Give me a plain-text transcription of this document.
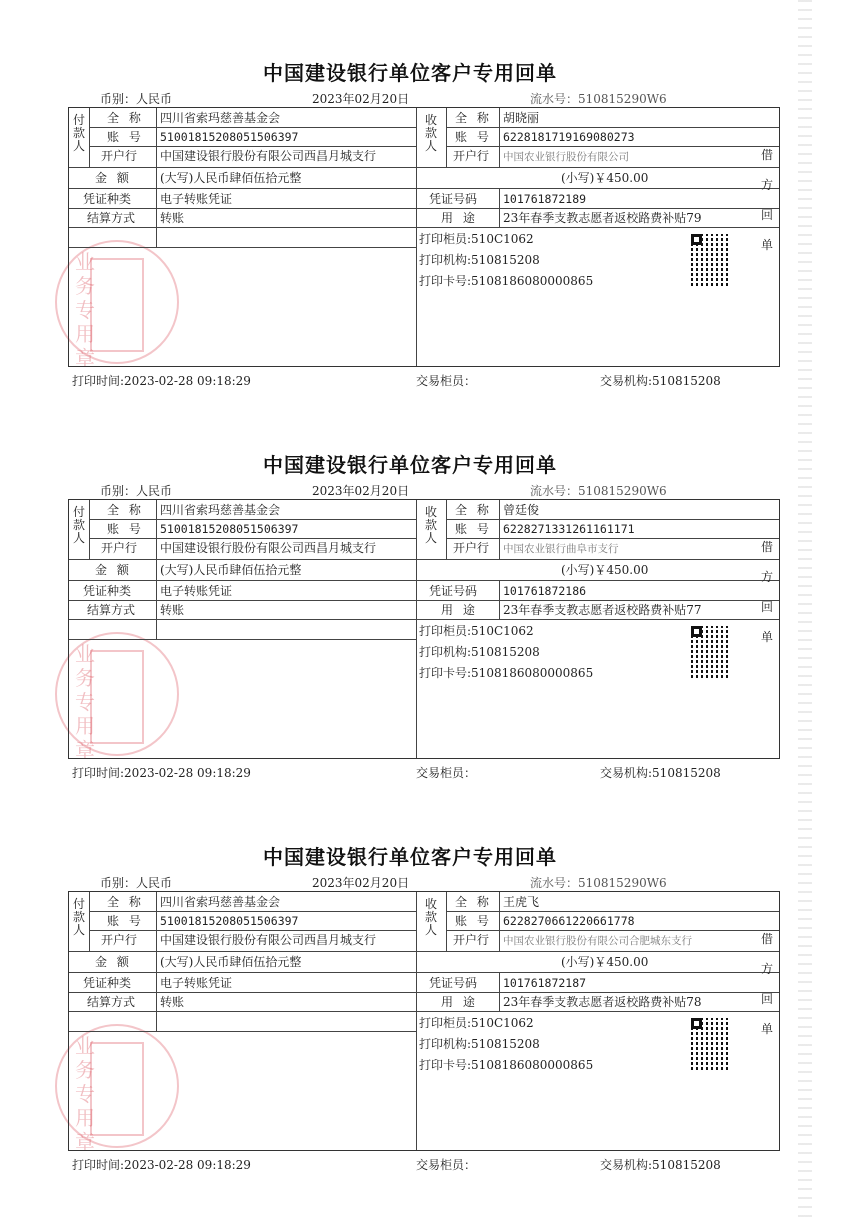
业务专用章
中国建设银行单位客户专用回单
币别：人民币	2023年02月20日	流水号：510815290W6
付款人
全 称 四川省索玛慈善基金会
账 号 51001815208051506397
开户行 中国建设银行股份有限公司西昌月城支行
收款人
全 称 胡晓丽
账 号 6228181719169080273
开户行 中国农业银行股份有限公司
金 额 (大写)人民币肆佰伍拾元整	(小写)￥450.00
凭证种类 电子转账凭证	凭证号码 101761872189
结算方式 转账	用 途 23年春季支教志愿者返校路费补贴79
打印柜员:510C1062
打印机构:510815208
打印卡号:5108186080000865
借 方 回 单
打印时间:2023-02-28 09:18:29	交易柜员：	交易机构:510815208
业务专用章
中国建设银行单位客户专用回单
币别：人民币	2023年02月20日	流水号：510815290W6
付款人
全 称 四川省索玛慈善基金会
账 号 51001815208051506397
开户行 中国建设银行股份有限公司西昌月城支行
收款人
全 称 曾廷俊
账 号 6228271331261161171
开户行 中国农业银行曲阜市支行
金 额 (大写)人民币肆佰伍拾元整	(小写)￥450.00
凭证种类 电子转账凭证	凭证号码 101761872186
结算方式 转账	用 途 23年春季支教志愿者返校路费补贴77
打印柜员:510C1062
打印机构:510815208
打印卡号:5108186080000865
借 方 回 单
打印时间:2023-02-28 09:18:29	交易柜员：	交易机构:510815208
业务专用章
中国建设银行单位客户专用回单
币别：人民币	2023年02月20日	流水号：510815290W6
付款人
全 称 四川省索玛慈善基金会
账 号 51001815208051506397
开户行 中国建设银行股份有限公司西昌月城支行
收款人
全 称 王虎飞
账 号 6228270661220661778
开户行 中国农业银行股份有限公司合肥城东支行
金 额 (大写)人民币肆佰伍拾元整	(小写)￥450.00
凭证种类 电子转账凭证	凭证号码 101761872187
结算方式 转账	用 途 23年春季支教志愿者返校路费补贴78
打印柜员:510C1062
打印机构:510815208
打印卡号:5108186080000865
借 方 回 单
打印时间:2023-02-28 09:18:29	交易柜员：	交易机构:510815208
